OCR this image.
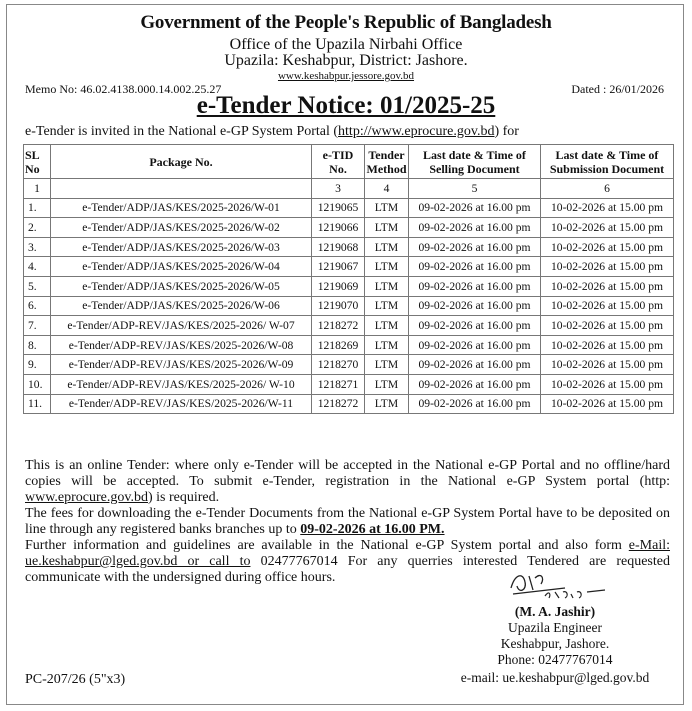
Government of the People's Republic of Bangladesh
Office of the Upazila Nirbahi Office
Upazila: Keshabpur, District: Jashore.
www.keshabpur.jessore.gov.bd
Memo No: 46.02.4138.000.14.002.25.27	Dated : 26/01/2026
e-Tender Notice: 01/2025-25
e-Tender is invited in the National e-GP System Portal (http://www.eprocure.gov.bd) for
SL No	Package No.	e-TID No.	Tender Method	Last date & Time of Selling Document	Last date & Time of Submission Document
1		3	4	5	6
1.	e-Tender/ADP/JAS/KES/2025-2026/W-01	1219065	LTM	09-02-2026 at 16.00 pm	10-02-2026 at 15.00 pm
2.	e-Tender/ADP/JAS/KES/2025-2026/W-02	1219066	LTM	09-02-2026 at 16.00 pm	10-02-2026 at 15.00 pm
3.	e-Tender/ADP/JAS/KES/2025-2026/W-03	1219068	LTM	09-02-2026 at 16.00 pm	10-02-2026 at 15.00 pm
4.	e-Tender/ADP/JAS/KES/2025-2026/W-04	1219067	LTM	09-02-2026 at 16.00 pm	10-02-2026 at 15.00 pm
5.	e-Tender/ADP/JAS/KES/2025-2026/W-05	1219069	LTM	09-02-2026 at 16.00 pm	10-02-2026 at 15.00 pm
6.	e-Tender/ADP/JAS/KES/2025-2026/W-06	1219070	LTM	09-02-2026 at 16.00 pm	10-02-2026 at 15.00 pm
7.	e-Tender/ADP-REV/JAS/KES/2025-2026/ W-07	1218272	LTM	09-02-2026 at 16.00 pm	10-02-2026 at 15.00 pm
8.	e-Tender/ADP-REV/JAS/KES/2025-2026/W-08	1218269	LTM	09-02-2026 at 16.00 pm	10-02-2026 at 15.00 pm
9.	e-Tender/ADP-REV/JAS/KES/2025-2026/W-09	1218270	LTM	09-02-2026 at 16.00 pm	10-02-2026 at 15.00 pm
10.	e-Tender/ADP-REV/JAS/KES/2025-2026/ W-10	1218271	LTM	09-02-2026 at 16.00 pm	10-02-2026 at 15.00 pm
11.	e-Tender/ADP-REV/JAS/KES/2025-2026/W-11	1218272	LTM	09-02-2026 at 16.00 pm	10-02-2026 at 15.00 pm
This is an online Tender: where only e-Tender will be accepted in the National e-GP Portal and no offline/hard copies will be accepted. To submit e-Tender, registration in the National e-GP System portal (http: www.eprocure.gov.bd) is required.
The fees for downloading the e-Tender Documents from the National e-GP System Portal have to be deposited on line through any registered banks branches up to 09-02-2026 at 16.00 PM.
Further information and guidelines are available in the National e-GP System portal and also form e-Mail: ue.keshabpur@lged.gov.bd or call to 02477767014 For any querries interested Tendered are requested communicate with the undersigned during office hours.
(M. A. Jashir)
Upazila Engineer
Keshabpur, Jashore.
Phone: 02477767014
e-mail: ue.keshabpur@lged.gov.bd
PC-207/26 (5"x3)
